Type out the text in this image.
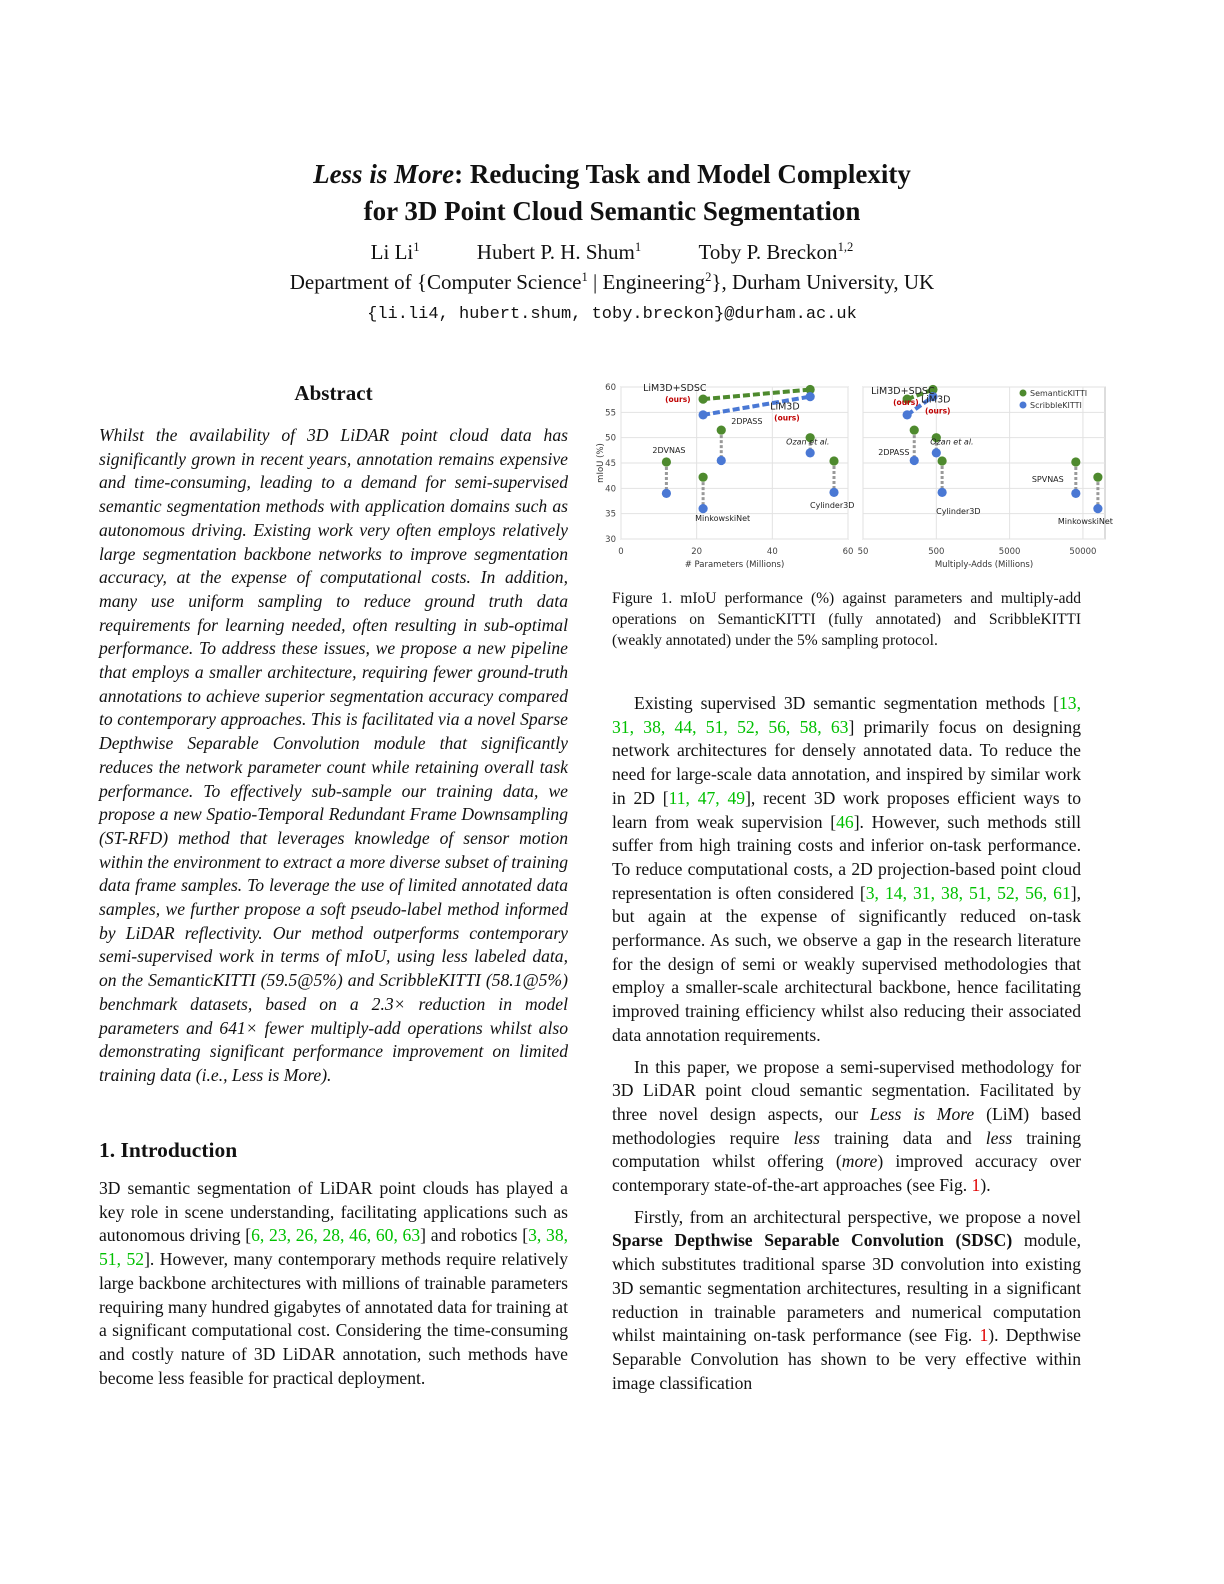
Less is More: Reducing Task and Model Complexity
for 3D Point Cloud Semantic Segmentation
Li Li$^1$	Hubert P. H. Shum$^1$	Toby P. Breckon$^{1,2}$
Department of {Computer Science$^1$ | Engineering$^2$}, Durham University, UK
{li.li4, hubert.shum, toby.breckon}@durham.ac.uk
Abstract
Whilst the availability of 3D LiDAR point cloud data has significantly grown in recent years, annotation remains expensive and time-consuming, leading to a demand for semi-supervised semantic segmentation methods with application domains such as autonomous driving. Existing work very often employs relatively large segmentation backbone networks to improve segmentation accuracy, at the expense of computational costs. In addition, many use uniform sampling to reduce ground truth data requirements for learning needed, often resulting in sub-optimal performance. To address these issues, we propose a new pipeline that employs a smaller architecture, requiring fewer ground-truth annotations to achieve superior segmentation accuracy compared to contemporary approaches. This is facilitated via a novel Sparse Depthwise Separable Convolution module that significantly reduces the network parameter count while retaining overall task performance. To effectively sub-sample our training data, we propose a new Spatio-Temporal Redundant Frame Downsampling (ST-RFD) method that leverages knowledge of sensor motion within the environment to extract a more diverse subset of training data frame samples. To leverage the use of limited annotated data samples, we further propose a soft pseudo-label method informed by LiDAR reflectivity. Our method outperforms contemporary semi-supervised work in terms of mIoU, using less labeled data, on the SemanticKITTI (59.5@5%) and ScribbleKITTI (58.1@5%) benchmark datasets, based on a 2.3× reduction in model parameters and 641× fewer multiply-add operations whilst also demonstrating significant performance improvement on limited training data (i.e., Less is More).
1. Introduction
3D semantic segmentation of LiDAR point clouds has played a key role in scene understanding, facilitating applications such as autonomous driving [6, 23, 26, 28, 46, 60, 63] and robotics [3, 38, 51, 52]. However, many contemporary methods require relatively large backbone architectures with millions of trainable parameters requiring many hundred gigabytes of annotated data for training at a significant computational cost. Considering the time-consuming and costly nature of 3D LiDAR annotation, such methods have become less feasible for practical deployment.
30
35
40
45
50
55
60
0	20	40	60
# Parameters (Millions)
mIoU (%)	2DVNAS
MinkowskiNet
2DPASS
Ozan et al.
Cylinder3D
LiM3D+SDSC
(ours)
LiM3D
(ours)
50	500	5000	50000
Multiply-Adds (Millions)
LiM3D+SDSC
(ours) LiM3D
(ours)
2DPASS
Ozan et al.
Cylinder3D
SPVNAS
MinkowskiNet
SemanticKITTI
ScribbleKITTI
Figure 1. mIoU performance (%) against parameters and multiply-add operations on SemanticKITTI (fully annotated) and ScribbleKITTI (weakly annotated) under the 5% sampling protocol.

Existing supervised 3D semantic segmentation methods [13, 31, 38, 44, 51, 52, 56, 58, 63] primarily focus on designing network architectures for densely annotated data. To reduce the need for large-scale data annotation, and inspired by similar work in 2D [11, 47, 49], recent 3D work proposes efficient ways to learn from weak supervision [46]. However, such methods still suffer from high training costs and inferior on-task performance. To reduce computational costs, a 2D projection-based point cloud representation is often considered [3, 14, 31, 38, 51, 52, 56, 61], but again at the expense of significantly reduced on-task performance. As such, we observe a gap in the research literature for the design of semi or weakly supervised methodologies that employ a smaller-scale architectural backbone, hence facilitating improved training efficiency whilst also reducing their associated data annotation requirements.

In this paper, we propose a semi-supervised methodology for 3D LiDAR point cloud semantic segmentation. Facilitated by three novel design aspects, our Less is More (LiM) based methodologies require less training data and less training computation whilst offering (more) improved accuracy over contemporary state-of-the-art approaches (see Fig. 1).

Firstly, from an architectural perspective, we propose a novel Sparse Depthwise Separable Convolution (SDSC) module, which substitutes traditional sparse 3D convolution into existing 3D semantic segmentation architectures, resulting in a significant reduction in trainable parameters and numerical computation whilst maintaining on-task performance (see Fig. 1). Depthwise Separable Convolution has shown to be very effective within image classification
